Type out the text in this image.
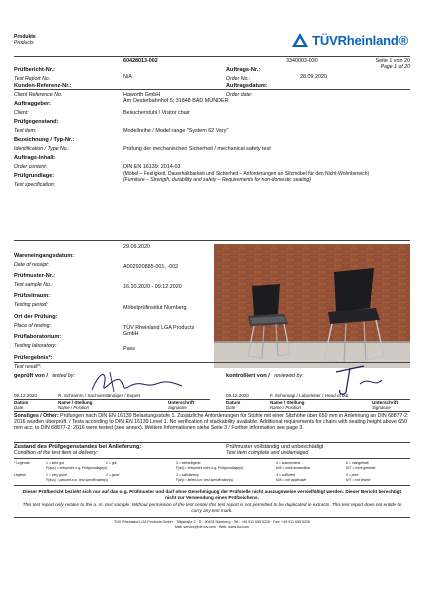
Produkte
Products	TÜVRheinland®
Prüfbericht-Nr.:
Test Report No.
60428013-002
Auftrags-Nr.:
Order No.:
3340003-030	Seite 1 von 20
Page 1 of 20
Kunden-Referenz-Nr.:
Client Reference No.
N/A
Auftragsdatum:
Order date:
28.09.2020
Auftraggeber:
Client:
Haworth GmbH
Am Oesterbahnhof 5; 31848 BAD MÜNDER
Prüfgegenstand:
Test item:
Besucherstuhl / Visitor chair
Bezeichnung / Typ-Nr.:
Identification / Type No.:
Modellreihe / Model range "System 62 Very"
Auftrags-Inhalt:
Order content:
Prüfung der mechanischen Sicherheit / mechanical safety test
Prüfgrundlage:
Test specification:
DIN EN 16139: 2014-03
(Möbel – Festigkeit, Dauerhaltbarkeit und Sicherheit – Anforderungen an Sitzmöbel für den Nicht-Wohnbereich)
(Furniture – Strength, durability and safety – Requirements for non-domestic seating)
Wareneingangsdatum:
Date of receipt:
29.09.2020
Prüfmuster-Nr.:
Test sample No.:
A002920885-001, -002
Prüfzeitraum:
Testing period:
16.10.2020 - 09.12.2020
Ort der Prüfung:
Place of testing:
Möbelprüfinstitut Nürnberg
Prüflaboratorium:
Testing laboratory:
TÜV Rheinland LGA Products
GmbH
Prüfergebnis*:
Test result*:
Pass
geprüft von / tested by:	kontrolliert von / reviewed by:
09.12.2020	R. Schramm / Sachverständiger / Expert	09.12.2020	F. Schumagi / Laborleiter / Head of lab.
Datum
Date
Name / Stellung
Name / Position
Unterschrift
Signature
Datum
Date
Name / Stellung
Name / Position
Unterschrift
Signature
Sonstiges / Other: Prüfungen nach DIN EN 16139 Belastungsstufe 1. Zusätzliche Anforderungen für Stühle mit einer Sitzhöhe über 650 mm in Anlehnung an DIN 68877-2: 2016 wurden überprüft. / Tests according to DIN EN 16139 Level 1. No verification of stackability available. Additional requirements for chairs with seating height above 650 mm acc. to DIN 68877-2: 2016 were tested (see annex). Weitere Informationen siehe Seite 3 / Further information see page 3.
Zustand des Prüfgegenstandes bei Anlieferung:
Condition of the test item at delivery:
Prüfmuster vollständig und unbeschädigt
Test item complete and undamaged
* Legende:	1 = sehr gut	2 = gut	3 = befriedigend	4 = ausreichend	5 = mangelhaft
P(ass) = entspricht o.g. Prüfgrundlage(n)	F(ail) = entspricht nicht o.g. Prüfgrundlage(n)	N/A = nicht anwendbar	N/T = nicht getestet
Legend:	1 = very good	2 = good	3 = satisfactory	4 = sufficient	5 = poor
P(ass) = passed a.m. test specification(s)	F(ail) = failed a.m. test specification(s)	N/A = not applicable	N/T = not tested
Dieser Prüfbericht bezieht sich nur auf das o.g. Prüfmuster und darf ohne Genehmigung der Prüfstelle nicht auszugsweise vervielfältigt werden. Dieser Bericht berechtigt nicht zur Verwendung eines Prüfzeichens.
This test report only relates to the a. m. test sample. Without permission of the test center this test report is not permitted to be duplicated in extracts. This test report does not entitle to carry any test mark.
TÜV Rheinland LGA Products GmbH · Tillystraße 2 · D - 90431 Nürnberg · Tel.: +49 911 655 5225 · Fax: +49 911 655 5226
Mail: service@de.tuv.com · Web: www.tuv.com
